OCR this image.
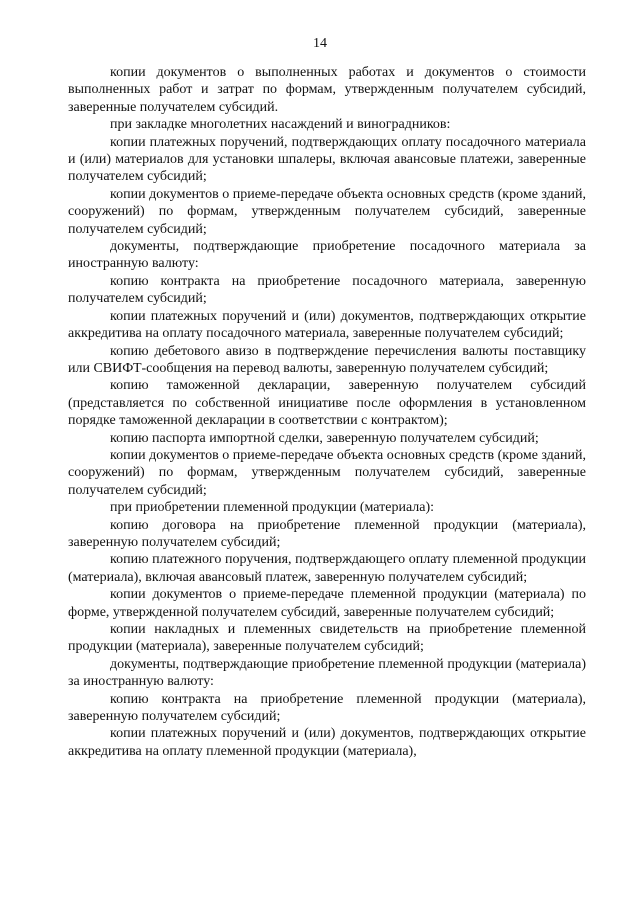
14

копии документов о выполненных работах и документов о стоимости выполненных работ и затрат по формам, утвержденным получателем субсидий, заверенные получателем субсидий.

при закладке многолетних насаждений и виноградников:

копии платежных поручений, подтверждающих оплату посадочного материала и (или) материалов для установки шпалеры, включая авансовые платежи, заверенные получателем субсидий;

копии документов о приеме-передаче объекта основных средств (кроме зданий, сооружений) по формам, утвержденным получателем субсидий, заверенные получателем субсидий;

документы, подтверждающие приобретение посадочного материала за иностранную валюту:

копию контракта на приобретение посадочного материала, заверенную получателем субсидий;

копии платежных поручений и (или) документов, подтверждающих открытие аккредитива на оплату посадочного материала, заверенные получателем субсидий;

копию дебетового авизо в подтверждение перечисления валюты поставщику или СВИФТ-сообщения на перевод валюты, заверенную получателем субсидий;

копию таможенной декларации, заверенную получателем субсидий (представляется по собственной инициативе после оформления в установленном порядке таможенной декларации в соответствии с контрактом);

копию паспорта импортной сделки, заверенную получателем субсидий;

копии документов о приеме-передаче объекта основных средств (кроме зданий, сооружений) по формам, утвержденным получателем субсидий, заверенные получателем субсидий;

при приобретении племенной продукции (материала):

копию договора на приобретение племенной продукции (материала), заверенную получателем субсидий;

копию платежного поручения, подтверждающего оплату племенной продукции (материала), включая авансовый платеж, заверенную получателем субсидий;

копии документов о приеме-передаче племенной продукции (материала) по форме, утвержденной получателем субсидий, заверенные получателем субсидий;

копии накладных и племенных свидетельств на приобретение племенной продукции (материала), заверенные получателем субсидий;

документы, подтверждающие приобретение племенной продукции (материала) за иностранную валюту:

копию контракта на приобретение племенной продукции (материала), заверенную получателем субсидий;

копии платежных поручений и (или) документов, подтверждающих открытие аккредитива на оплату племенной продукции (материала),
